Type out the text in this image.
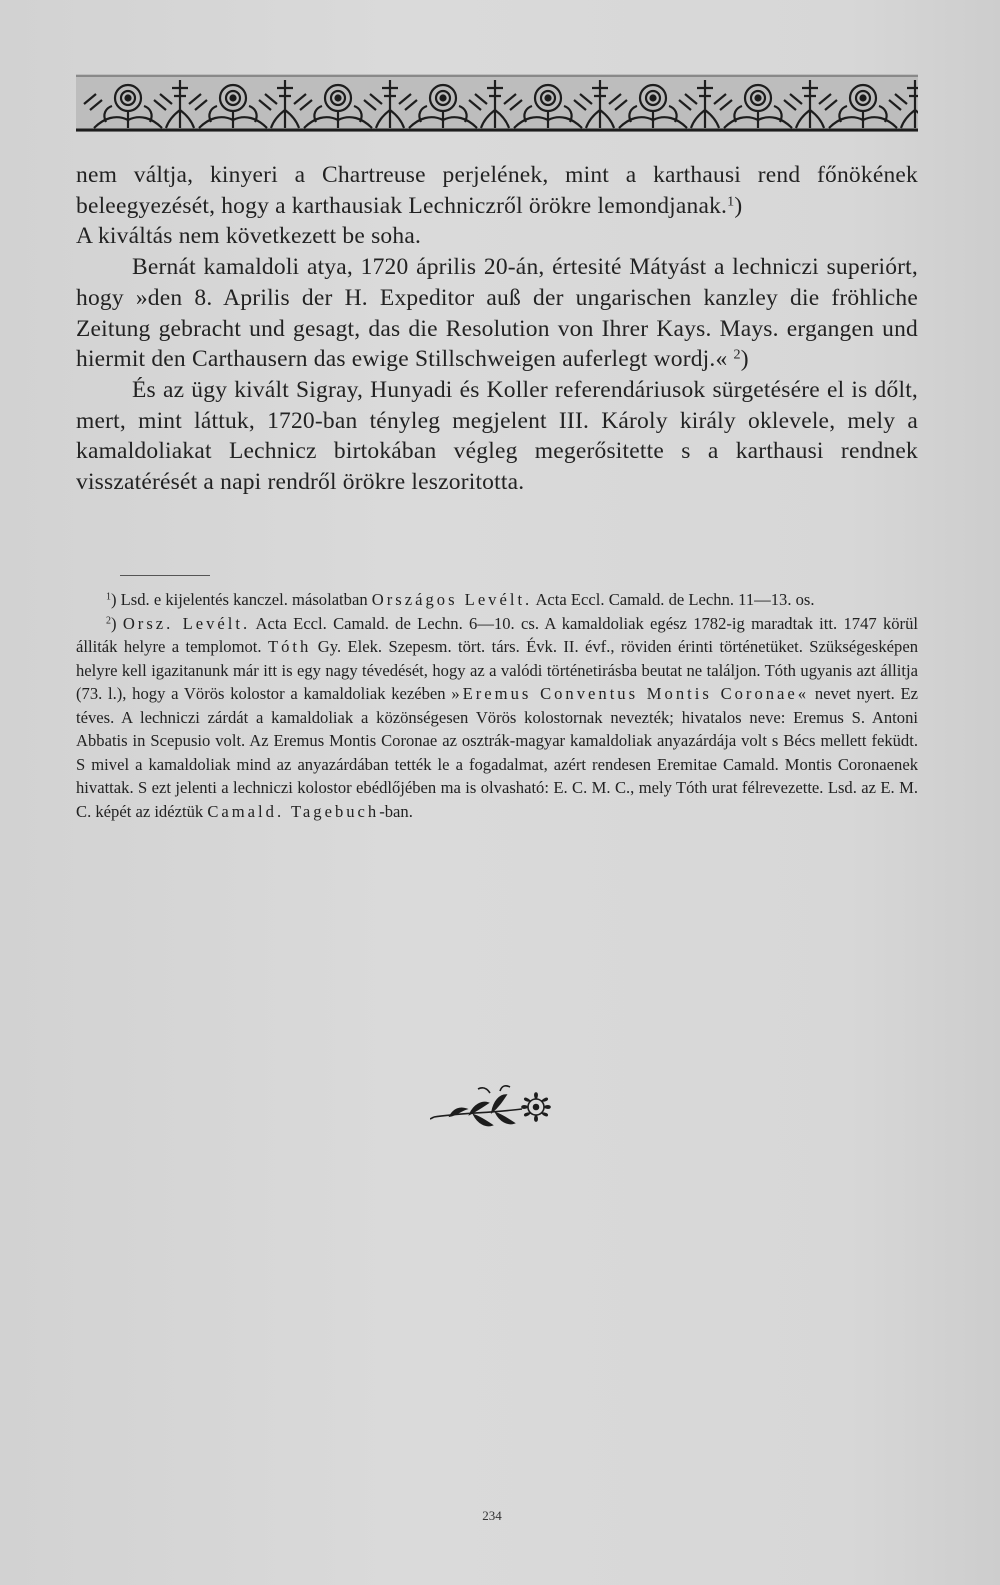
nem váltja, kinyeri a Chartreuse perjelének, mint a karthausi rend főnökének beleegyezését, hogy a karthausiak Lechniczről örökre lemondjanak.$^1$)

A kiváltás nem következett be soha.

Bernát kamaldoli atya, 1720 április 20-án, értesité Mátyást a lechniczi superiórt, hogy »den 8. Aprilis der H. Expeditor auß der ungarischen kanzley die fröhliche Zeitung gebracht und gesagt, das die Resolution von Ihrer Kays. Mays. ergangen und hiermit den Carthausern das ewige Stillschweigen auferlegt wordj.« $^2$)

És az ügy kivált Sigray, Hunyadi és Koller referendáriusok sürgetésére el is dőlt, mert, mint láttuk, 1720-ban tényleg megjelent III. Károly király oklevele, mely a kamaldoliakat Lechnicz birtokában végleg megerősitette s a karthausi rendnek visszatérését a napi rendről örökre leszoritotta.

$^1$) Lsd. e kijelentés kanczel. másolatban Országos Levélt. Acta Eccl. Camald. de Lechn. 11—13. os.

$^2$) Orsz. Levélt. Acta Eccl. Camald. de Lechn. 6—10. cs. A kamaldoliak egész 1782-ig maradtak itt. 1747 körül álliták helyre a templomot. Tóth Gy. Elek. Szepesm. tört. társ. Évk. II. évf., röviden érinti történetüket. Szükségesképen helyre kell igazitanunk már itt is egy nagy tévedését, hogy az a valódi történetirásba beutat ne találjon. Tóth ugyanis azt állitja (73. l.), hogy a Vörös kolostor a kamaldoliak kezében »Eremus Conventus Montis Coronae« nevet nyert. Ez téves. A lechniczi zárdát a kamaldoliak a közönségesen Vörös kolostornak nevezték; hivatalos neve: Eremus S. Antoni Abbatis in Scepusio volt. Az Eremus Montis Coronae az osztrák-magyar kamaldoliak anyazárdája volt s Bécs mellett feküdt. S mivel a kamaldoliak mind az anyazárdában tették le a fogadalmat, azért rendesen Eremitae Camald. Montis Coronaenek hivattak. S ezt jelenti a lechniczi kolostor ebédlőjében ma is olvasható: E. C. M. C., mely Tóth urat félrevezette. Lsd. az E. M. C. képét az idéztük Camald. Tagebuch-ban.

234
